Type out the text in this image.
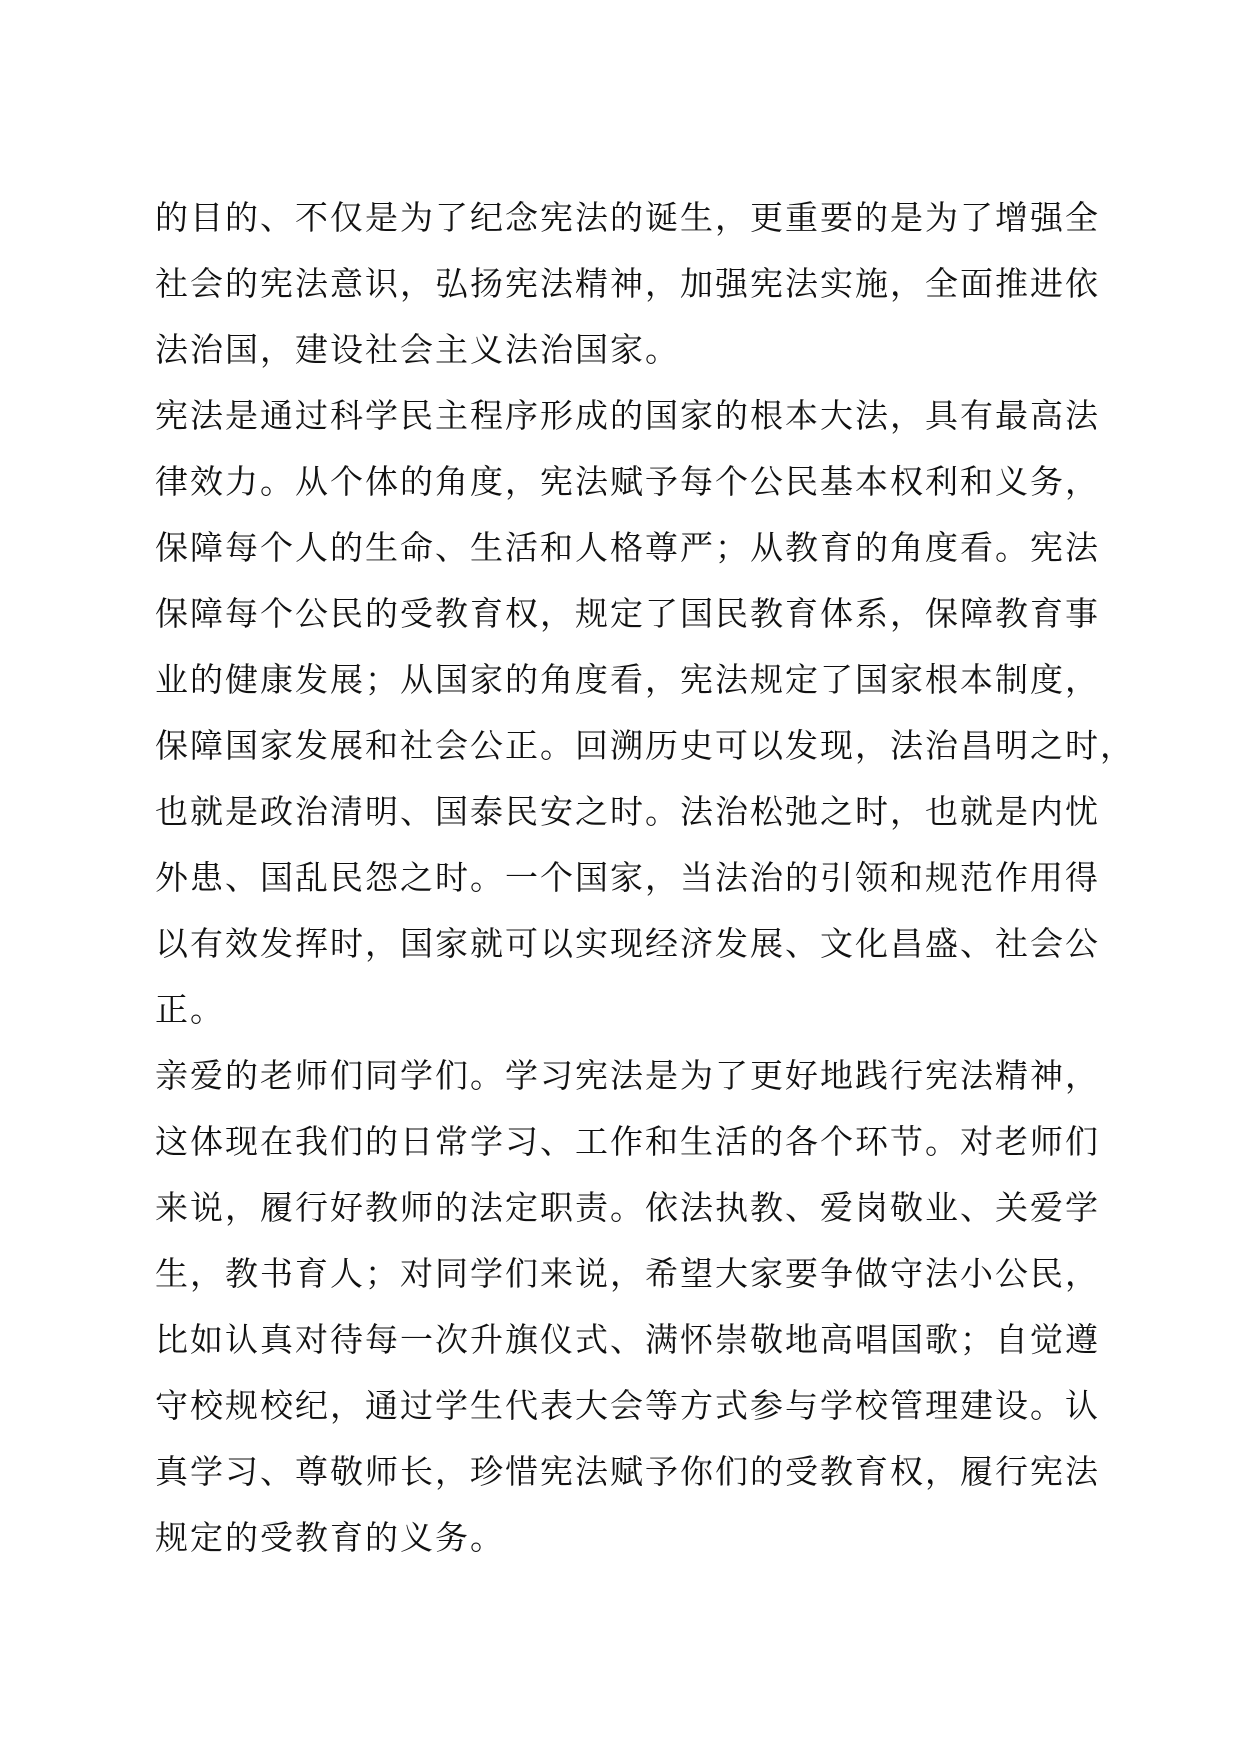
的目的、不仅是为了纪念宪法的诞生，更重要的是为了增强全
社会的宪法意识，弘扬宪法精神，加强宪法实施，全面推进依
法治国，建设社会主义法治国家。
宪法是通过科学民主程序形成的国家的根本大法，具有最高法
律效力。从个体的角度，宪法赋予每个公民基本权利和义务，
保障每个人的生命、生活和人格尊严；从教育的角度看。宪法
保障每个公民的受教育权，规定了国民教育体系，保障教育事
业的健康发展；从国家的角度看，宪法规定了国家根本制度，
保障国家发展和社会公正。回溯历史可以发现，法治昌明之时，
也就是政治清明、国泰民安之时。法治松弛之时，也就是内忧
外患、国乱民怨之时。一个国家，当法治的引领和规范作用得
以有效发挥时，国家就可以实现经济发展、文化昌盛、社会公
正。
亲爱的老师们同学们。学习宪法是为了更好地践行宪法精神，
这体现在我们的日常学习、工作和生活的各个环节。对老师们
来说，履行好教师的法定职责。依法执教、爱岗敬业、关爱学
生，教书育人；对同学们来说，希望大家要争做守法小公民，
比如认真对待每一次升旗仪式、满怀崇敬地高唱国歌；自觉遵
守校规校纪，通过学生代表大会等方式参与学校管理建设。认
真学习、尊敬师长，珍惜宪法赋予你们的受教育权，履行宪法
规定的受教育的义务。
